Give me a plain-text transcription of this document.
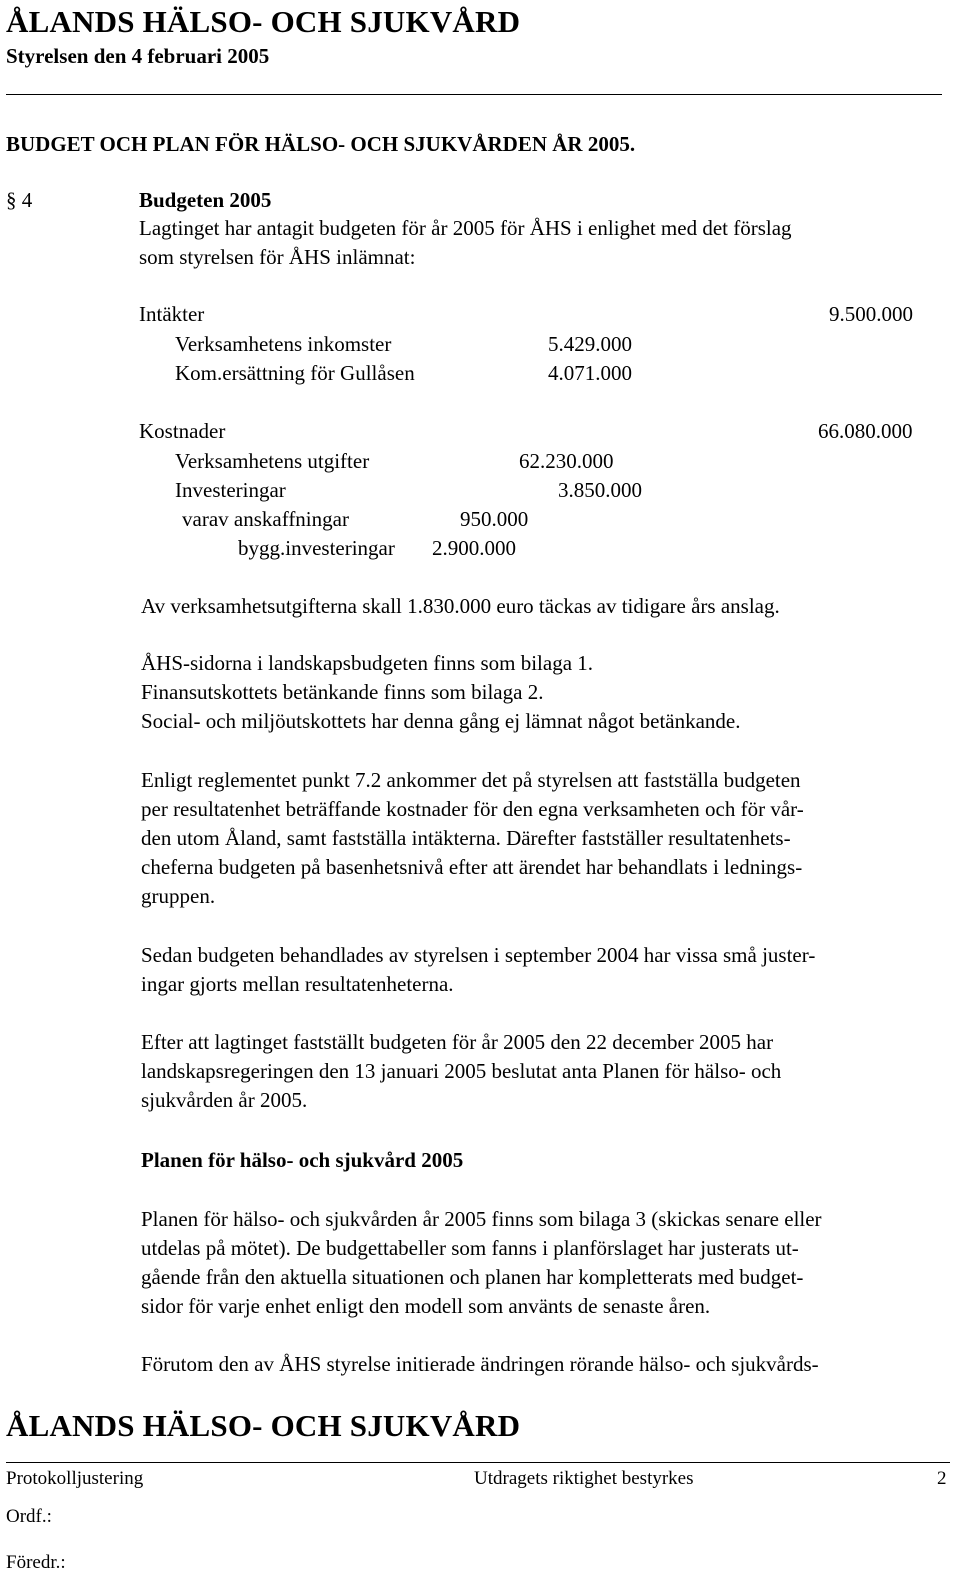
ÅLANDS HÄLSO- OCH SJUKVÅRD
Styrelsen den 4 februari 2005
BUDGET OCH PLAN FÖR HÄLSO- OCH SJUKVÅRDEN ÅR 2005.
§ 4	Budgeten 2005
Lagtinget har antagit budgeten för år 2005 för ÅHS i enlighet med det förslag
som styrelsen för ÅHS inlämnat:
Intäkter	9.500.000
Verksamhetens inkomster	5.429.000
Kom.ersättning för Gullåsen	4.071.000
Kostnader	66.080.000
Verksamhetens utgifter	62.230.000
Investeringar	3.850.000
varav anskaffningar	950.000
bygg.investeringar 2.900.000
Av verksamhetsutgifterna skall 1.830.000 euro täckas av tidigare års anslag.
ÅHS-sidorna i landskapsbudgeten finns som bilaga 1.
Finansutskottets betänkande finns som bilaga 2.
Social- och miljöutskottets har denna gång ej lämnat något betänkande.
Enligt reglementet punkt 7.2 ankommer det på styrelsen att fastställa budgeten
per resultatenhet beträffande kostnader för den egna verksamheten och för vår-
den utom Åland, samt fastställa intäkterna. Därefter fastställer resultatenhets-
cheferna budgeten på basenhetsnivå efter att ärendet har behandlats i lednings-
gruppen.
Sedan budgeten behandlades av styrelsen i september 2004 har vissa små juster-
ingar gjorts mellan resultatenheterna.
Efter att lagtinget fastställt budgeten för år 2005 den 22 december 2005 har
landskapsregeringen den 13 januari 2005 beslutat anta Planen för hälso- och
sjukvården år 2005.
Planen för hälso- och sjukvård 2005
Planen för hälso- och sjukvården år 2005 finns som bilaga 3 (skickas senare eller
utdelas på mötet). De budgettabeller som fanns i planförslaget har justerats ut-
gående från den aktuella situationen och planen har kompletterats med budget-
sidor för varje enhet enligt den modell som använts de senaste åren.
Förutom den av ÅHS styrelse initierade ändringen rörande hälso- och sjukvårds-
ÅLANDS HÄLSO- OCH SJUKVÅRD
Protokolljustering	Utdragets riktighet bestyrkes	2
Ordf.:
Föredr.:
